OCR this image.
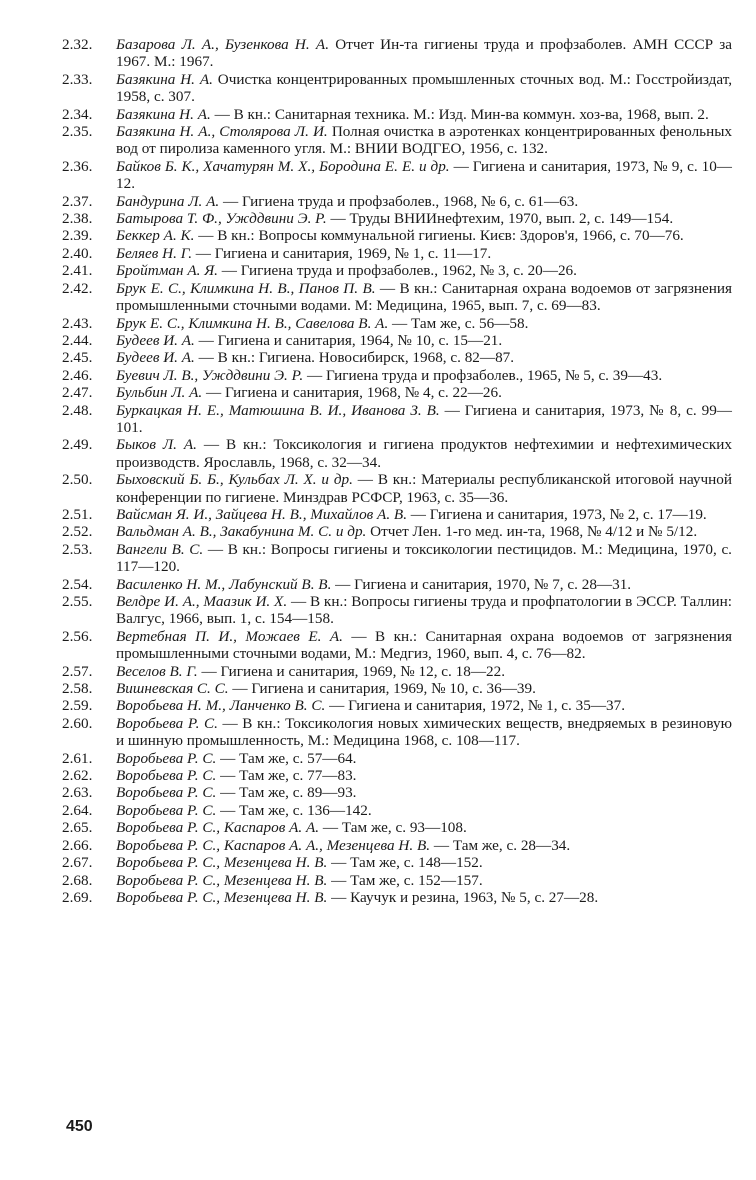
2.32.	Базарова Л. А., Бузенкова Н. А. Отчет Ин-та гигиены труда и профзаболев. АМН СССР за 1967. М.: 1967.
2.33.	Базякина Н. А. Очистка концентрированных промышленных сточных вод. М.: Госстройиздат, 1958, с. 307.
2.34.	Базякина Н. А. — В кн.: Санитарная техника. М.: Изд. Мин-ва коммун. хоз-ва, 1968, вып. 2.
2.35.	Базякина Н. А., Столярова Л. И. Полная очистка в аэротенках концентрированных фенольных вод от пиролиза каменного угля. М.: ВНИИ ВОДГЕО, 1956, с. 132.
2.36.	Байков Б. К., Хачатурян М. Х., Бородина Е. Е. и др. — Гигиена и санитария, 1973, № 9, с. 10—12.
2.37.	Бандурина Л. А. — Гигиена труда и профзаболев., 1968, № 6, с. 61—63.
2.38.	Батырова Т. Ф., Ужддвини Э. Р. — Труды ВНИИнефтехим, 1970, вып. 2, с. 149—154.
2.39.	Беккер А. К. — В кн.: Вопросы коммунальной гигиены. Києв: Здоров'я, 1966, с. 70—76.
2.40.	Беляев Н. Г. — Гигиена и санитария, 1969, № 1, с. 11—17.
2.41.	Бройтман А. Я. — Гигиена труда и профзаболев., 1962, № 3, с. 20—26.
2.42.	Брук Е. С., Климкина Н. В., Панов П. В. — В кн.: Санитарная охрана водоемов от загрязнения промышленными сточными водами. М: Медицина, 1965, вып. 7, с. 69—83.
2.43.	Брук Е. С., Климкина Н. В., Савелова В. А. — Там же, с. 56—58.
2.44.	Будеев И. А. — Гигиена и санитария, 1964, № 10, с. 15—21.
2.45.	Будеев И. А. — В кн.: Гигиена. Новосибирск, 1968, с. 82—87.
2.46.	Буевич Л. В., Ужддвини Э. Р. — Гигиена труда и профзаболев., 1965, № 5, с. 39—43.
2.47.	Бульбин Л. А. — Гигиена и санитария, 1968, № 4, с. 22—26.
2.48.	Буркацкая Н. Е., Матюшина В. И., Иванова З. В. — Гигиена и санитария, 1973, № 8, с. 99—101.
2.49.	Быков Л. А. — В кн.: Токсикология и гигиена продуктов нефтехимии и нефтехимических производств. Ярославль, 1968, с. 32—34.
2.50.	Быховский Б. Б., Кульбах Л. Х. и др. — В кн.: Материалы республиканской итоговой научной конференции по гигиене. Минздрав РСФСР, 1963, с. 35—36.
2.51.	Вайсман Я. И., Зайцева Н. В., Михайлов А. В. — Гигиена и санитария, 1973, № 2, с. 17—19.
2.52.	Вальдман А. В., Закабунина М. С. и др. Отчет Лен. 1-го мед. ин-та, 1968, № 4/12 и № 5/12.
2.53.	Вангели В. С. — В кн.: Вопросы гигиены и токсикологии пестицидов. М.: Медицина, 1970, с. 117—120.
2.54.	Василенко Н. М., Лабунский В. В. — Гигиена и санитария, 1970, № 7, с. 28—31.
2.55.	Велдре И. А., Маазик И. Х. — В кн.: Вопросы гигиены труда и профпатологии в ЭССР. Таллин: Валгус, 1966, вып. 1, с. 154—158.
2.56.	Вертебная П. И., Можаев Е. А. — В кн.: Санитарная охрана водоемов от загрязнения промышленными сточными водами, М.: Медгиз, 1960, вып. 4, с. 76—82.
2.57.	Веселов В. Г. — Гигиена и санитария, 1969, № 12, с. 18—22.
2.58.	Вишневская С. С. — Гигиена и санитария, 1969, № 10, с. 36—39.
2.59.	Воробьева Н. М., Ланченко В. С. — Гигиена и санитария, 1972, № 1, с. 35—37.
2.60.	Воробьева Р. С. — В кн.: Токсикология новых химических веществ, внедряемых в резиновую и шинную промышленность, М.: Медицина 1968, с. 108—117.
2.61.	Воробьева Р. С. — Там же, с. 57—64.
2.62.	Воробьева Р. С. — Там же, с. 77—83.
2.63.	Воробьева Р. С. — Там же, с. 89—93.
2.64.	Воробьева Р. С. — Там же, с. 136—142.
2.65.	Воробьева Р. С., Каспаров А. А. — Там же, с. 93—108.
2.66.	Воробьева Р. С., Каспаров А. А., Мезенцева Н. В. — Там же, с. 28—34.
2.67.	Воробьева Р. С., Мезенцева Н. В. — Там же, с. 148—152.
2.68.	Воробьева Р. С., Мезенцева Н. В. — Там же, с. 152—157.
2.69.	Воробьева Р. С., Мезенцева Н. В. — Каучук и резина, 1963, № 5, с. 27—28.
450
